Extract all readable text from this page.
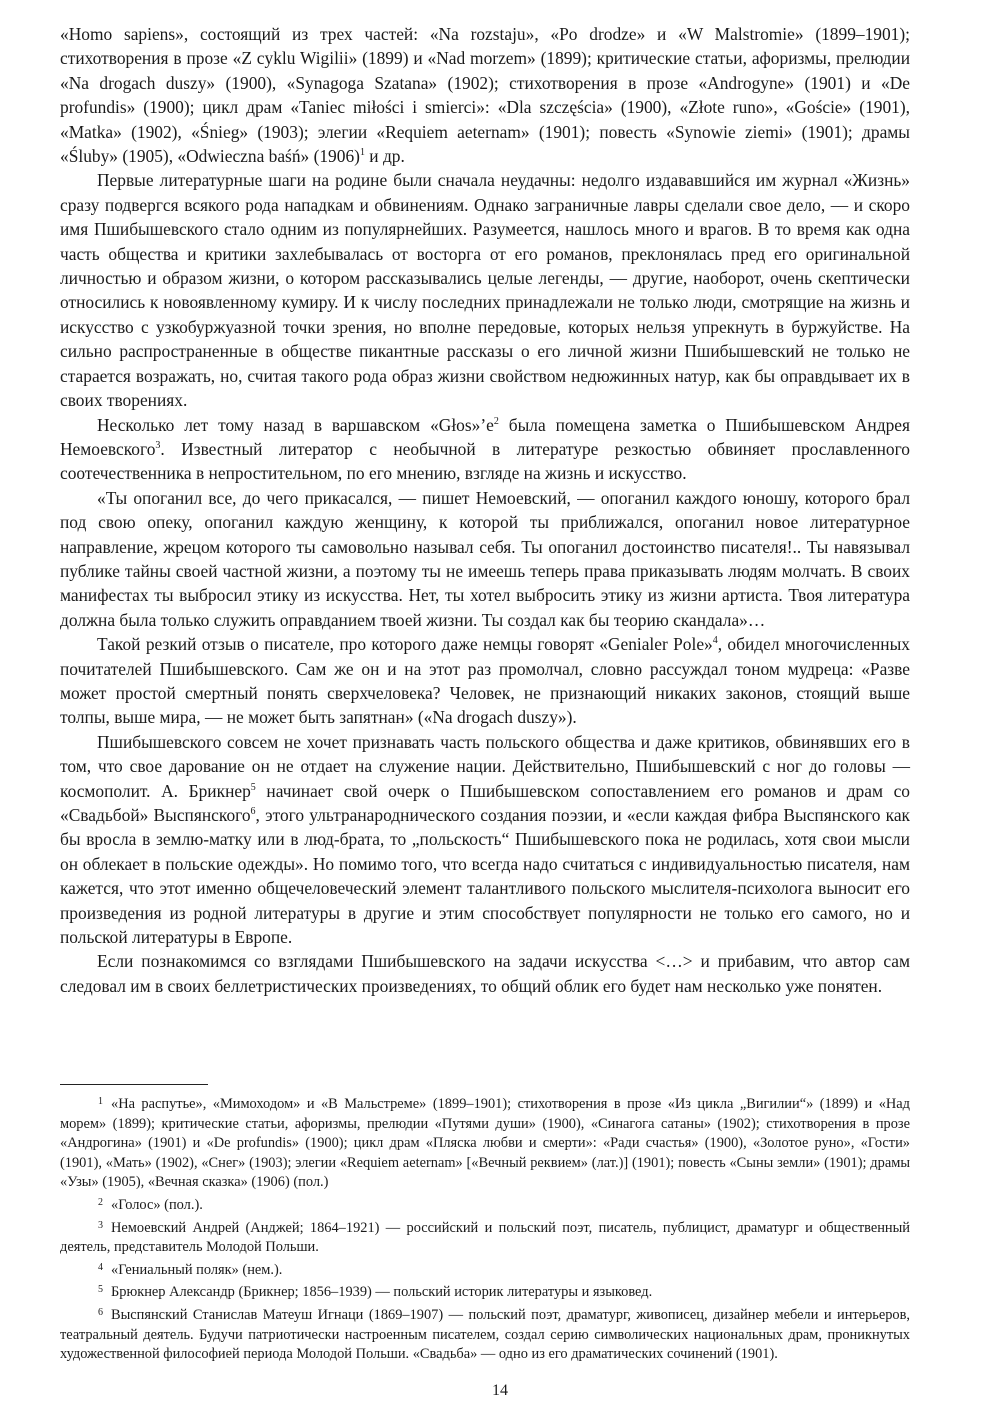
«Homo sapiens», состоящий из трех частей: «Na rozstaju», «Po drodze» и «W Malstromie» (1899–1901); стихотворения в прозе «Z cyklu Wigilii» (1899) и «Nad morzem» (1899); критические статьи, афоризмы, прелюдии «Na drogach duszy» (1900), «Synagoga Szatana» (1902); стихотворения в прозе «Androgyne» (1901) и «De profundis» (1900); цикл драм «Taniec miłości i smierci»: «Dla szczęścia» (1900), «Złote runo», «Goście» (1901), «Matka» (1902), «Śnieg» (1903); элегии «Requiem aeternam» (1901); повесть «Synowie ziemi» (1901); драмы «Śluby» (1905), «Odwieczna baśń» $(1906)^1$ и др.

Первые литературные шаги на родине были сначала неудачны: недолго издававшийся им журнал «Жизнь» сразу подвергся всякого рода нападкам и обвинениям. Однако заграничные лавры сделали свое дело, — и скоро имя Пшибышевского стало одним из популярнейших. Разумеется, нашлось много и врагов. В то время как одна часть общества и критики захлебывалась от восторга от его романов, преклонялась пред его оригинальной личностью и образом жизни, о котором рассказывались целые легенды, — другие, наоборот, очень скептически относились к новоявленному кумиру. И к числу последних принадлежали не только люди, смотрящие на жизнь и искусство с узкобуржуазной точки зрения, но вполне передовые, которых нельзя упрекнуть в буржуйстве. На сильно распространенные в обществе пикантные рассказы о его личной жизни Пшибышевский не только не старается возражать, но, считая такого рода образ жизни свойством недюжинных натур, как бы оправдывает их в своих творениях.

Несколько лет тому назад в варшавском «$Głos»’е^2$ была помещена заметка о Пшибышевском Андрея Немоевского$^3$. Известный литератор с необычной в литературе резкостью обвиняет прославленного соотечественника в непростительном, по его мнению, взгляде на жизнь и искусство.

«Ты опоганил все, до чего прикасался, — пишет Немоевский, — опоганил каждого юношу, которого брал под свою опеку, опоганил каждую женщину, к которой ты приближался, опоганил новое литературное направление, жрецом которого ты самовольно называл себя. Ты опоганил достоинство писателя!.. Ты навязывал публике тайны своей частной жизни, а поэтому ты не имеешь теперь права приказывать людям молчать. В своих манифестах ты выбросил этику из искусства. Нет, ты хотел выбросить этику из жизни артиста. Твоя литература должна была только служить оправданием твоей жизни. Ты создал как бы теорию скандала»…

Такой резкий отзыв о писателе, про которого даже немцы говорят «Genialer Pole»$^4$, обидел многочисленных почитателей Пшибышевского. Сам же он и на этот раз промолчал, словно рассуждал тоном мудреца: «Разве может простой смертный понять сверхчеловека? Человек, не признающий никаких законов, стоящий выше толпы, выше мира, — не может быть запятнан» («Na drogach duszy»).

Пшибышевского совсем не хочет признавать часть польского общества и даже критиков, обвинявших его в том, что свое дарование он не отдает на служение нации. Действительно, Пшибышевский с ног до головы — космополит. А. Брикнер$^5$ начинает свой очерк о Пшибышевском сопоставлением его романов и драм со «Свадьбой» Выспянского$^6$, этого ультранароднического создания поэзии, и «если каждая фибра Выспянского как бы вросла в землю-матку или в люд-брата, то „польскость“ Пшибышевского пока не родилась, хотя свои мысли он облекает в польские одежды». Но помимо того, что всегда надо считаться с индивидуальностью писателя, нам кажется, что этот именно общечеловеческий элемент талантливого польского мыслителя-психолога выносит его произведения из родной литературы в другие и этим способствует популярности не только его самого, но и польской литературы в Европе.

Если познакомимся со взглядами Пшибышевского на задачи искусства <…> и прибавим, что автор сам следовал им в своих беллетристических произведениях, то общий облик его будет нам несколько уже понятен.

$^1$ «На распутье», «Мимоходом» и «В Мальстреме» (1899–1901); стихотворения в прозе «Из цикла „Вигилии“» (1899) и «Над морем» (1899); критические статьи, афоризмы, прелюдии «Путями души» (1900), «Синагога сатаны» (1902); стихотворения в прозе «Андрогина» (1901) и «De profundis» (1900); цикл драм «Пляска любви и смерти»: «Ради счастья» (1900), «Золотое руно», «Гости» (1901), «Мать» (1902), «Снег» (1903); элегии «Requiem aeternam» [«Вечный реквием» (лат.)] (1901); повесть «Сыны земли» (1901); драмы «Узы» (1905), «Вечная сказка» (1906) (пол.)

$^2$ «Голос» (пол.).

$^3$ Немоевский Андрей (Анджей; 1864–1921) — российский и польский поэт, писатель, публицист, драматург и общественный деятель, представитель Молодой Польши.

$^4$ «Гениальный поляк» (нем.).

$^5$ Брюкнер Александр (Брикнер; 1856–1939) — польский историк литературы и языковед.

$^6$ Выспянский Станислав Матеуш Игнаци (1869–1907) — польский поэт, драматург, живописец, дизайнер мебели и интерьеров, театральный деятель. Будучи патриотически настроенным писателем, создал серию символических национальных драм, проникнутых художественной философией периода Молодой Польши. «Свадьба» — одно из его драматических сочинений (1901).

14
